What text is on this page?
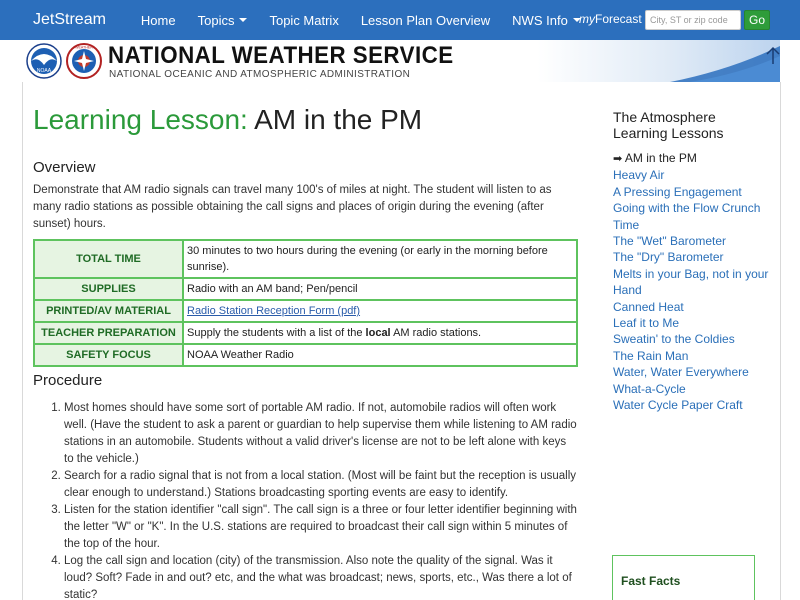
JetStream	Home Topics	Topic Matrix Lesson Plan Overview NWS Info myForecast
City, ST or zip code	Go
NOAA
WEATHER NATIONAL WEATHER SERVICE
NATIONAL OCEANIC AND ATMOSPHERIC ADMINISTRATION
Learning Lesson: AM in the PM
Overview

Demonstrate that AM radio signals can travel many 100's of miles at night. The student will listen to as many radio stations as possible obtaining the call signs and places of origin during the evening (after sunset) hours.

TOTAL TIME	30 minutes to two hours during the evening (or early in the morning before sunrise).
SUPPLIES	Radio with an AM band; Pen/pencil
PRINTED/AV MATERIAL	Radio Station Reception Form (pdf)
TEACHER PREPARATION	Supply the students with a list of the local AM radio stations.
SAFETY FOCUS	NOAA Weather Radio
Procedure
1. Most homes should have some sort of portable AM radio. If not, automobile radios will often work well. (Have the student to ask a parent or guardian to help supervise them while listening to AM radio stations in an automobile. Students without a valid driver's license are not to be left alone with keys to the vehicle.)
2. Search for a radio signal that is not from a local station. (Most will be faint but the reception is usually clear enough to understand.) Stations broadcasting sporting events are easy to identify.
3. Listen for the station identifier "call sign". The call sign is a three or four letter identifier beginning with the letter "W" or "K". In the U.S. stations are required to broadcast their call sign within 5 minutes of the top of the hour.
4. Log the call sign and location (city) of the transmission. Also note the quality of the signal. Was it loud? Soft? Fade in and out? etc, and the what was broadcast; news, sports, etc., Was there a lot of static?
The Atmosphere Learning Lessons
➡ AM in the PM
Heavy Air
A Pressing Engagement
Going with the Flow Crunch Time
The "Wet" Barometer
The "Dry" Barometer
Melts in your Bag, not in your Hand
Canned Heat
Leaf it to Me
Sweatin' to the Coldies
The Rain Man
Water, Water Everywhere
What-a-Cycle
Water Cycle Paper Craft
Fast Facts
